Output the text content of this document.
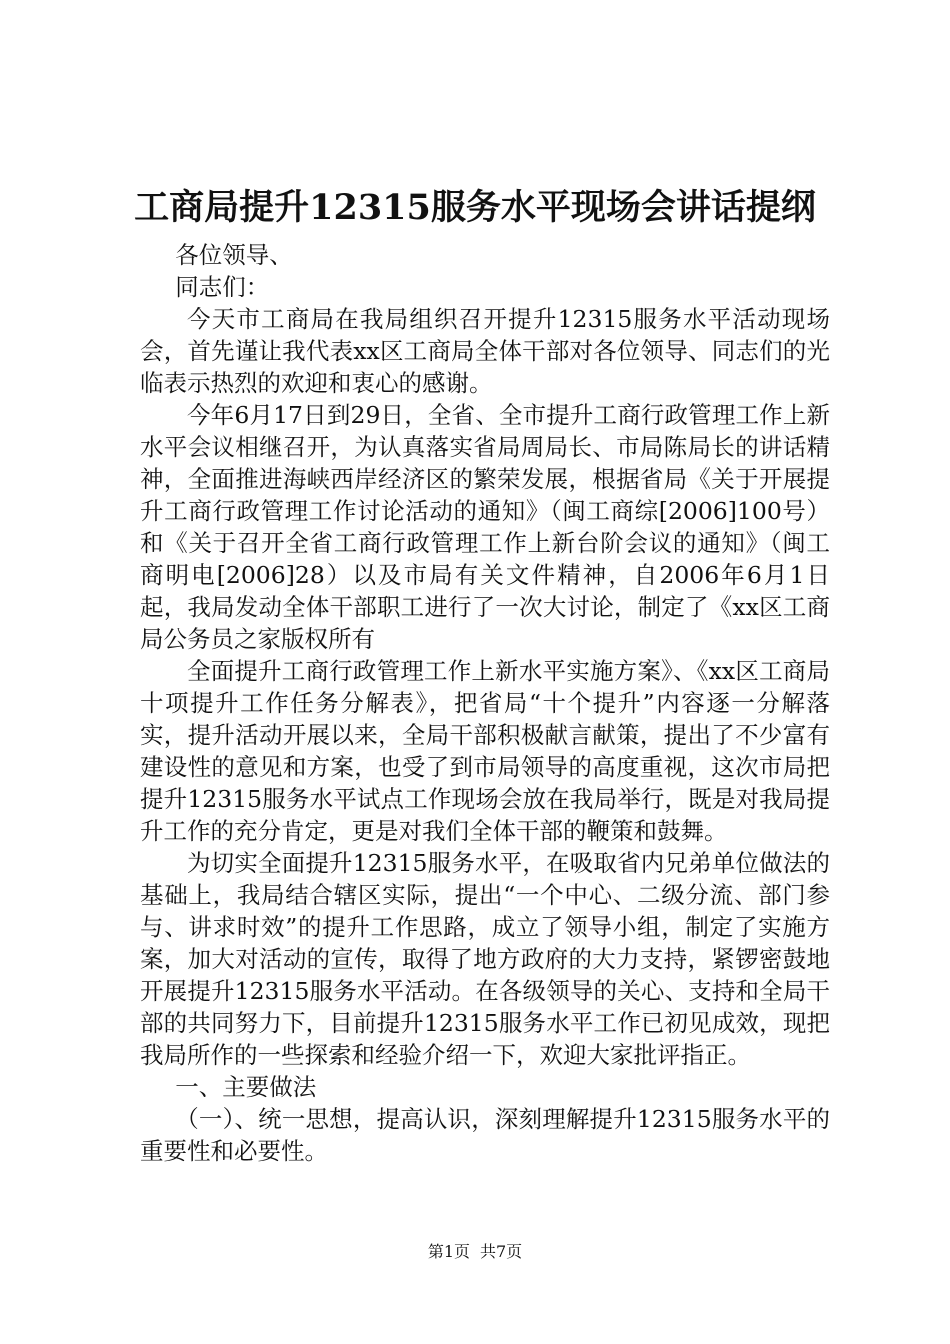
工商局提升12315服务水平现场会讲话提纲

各位领导、

同志们：

今天市工商局在我局组织召开提升12315服务水平活动现场会，首先谨让我代表xx区工商局全体干部对各位领导、同志们的光临表示热烈的欢迎和衷心的感谢。

今年6月17日到29日，全省、全市提升工商行政管理工作上新水平会议相继召开，为认真落实省局周局长、市局陈局长的讲话精神，全面推进海峡西岸经济区的繁荣发展，根据省局《关于开展提升工商行政管理工作讨论活动的通知》（闽工商综[2006]100号）和《关于召开全省工商行政管理工作上新台阶会议的通知》（闽工商明电[2006]28）以及市局有关文件精神，自2006年6月1日起，我局发动全体干部职工进行了一次大讨论，制定了《xx区工商局公务员之家版权所有

全面提升工商行政管理工作上新水平实施方案》、《xx区工商局十项提升工作任务分解表》，把省局“十个提升”内容逐一分解落实，提升活动开展以来，全局干部积极献言献策，提出了不少富有建设性的意见和方案，也受了到市局领导的高度重视，这次市局把提升12315服务水平试点工作现场会放在我局举行，既是对我局提升工作的充分肯定，更是对我们全体干部的鞭策和鼓舞。

为切实全面提升12315服务水平，在吸取省内兄弟单位做法的基础上，我局结合辖区实际，提出“一个中心、二级分流、部门参与、讲求时效”的提升工作思路，成立了领导小组，制定了实施方案，加大对活动的宣传，取得了地方政府的大力支持，紧锣密鼓地开展提升12315服务水平活动。在各级领导的关心、支持和全局干部的共同努力下，目前提升12315服务水平工作已初见成效，现把我局所作的一些探索和经验介绍一下，欢迎大家批评指正。

一、主要做法

（一）、统一思想，提高认识，深刻理解提升12315服务水平的重要性和必要性。

第1页 共7页
